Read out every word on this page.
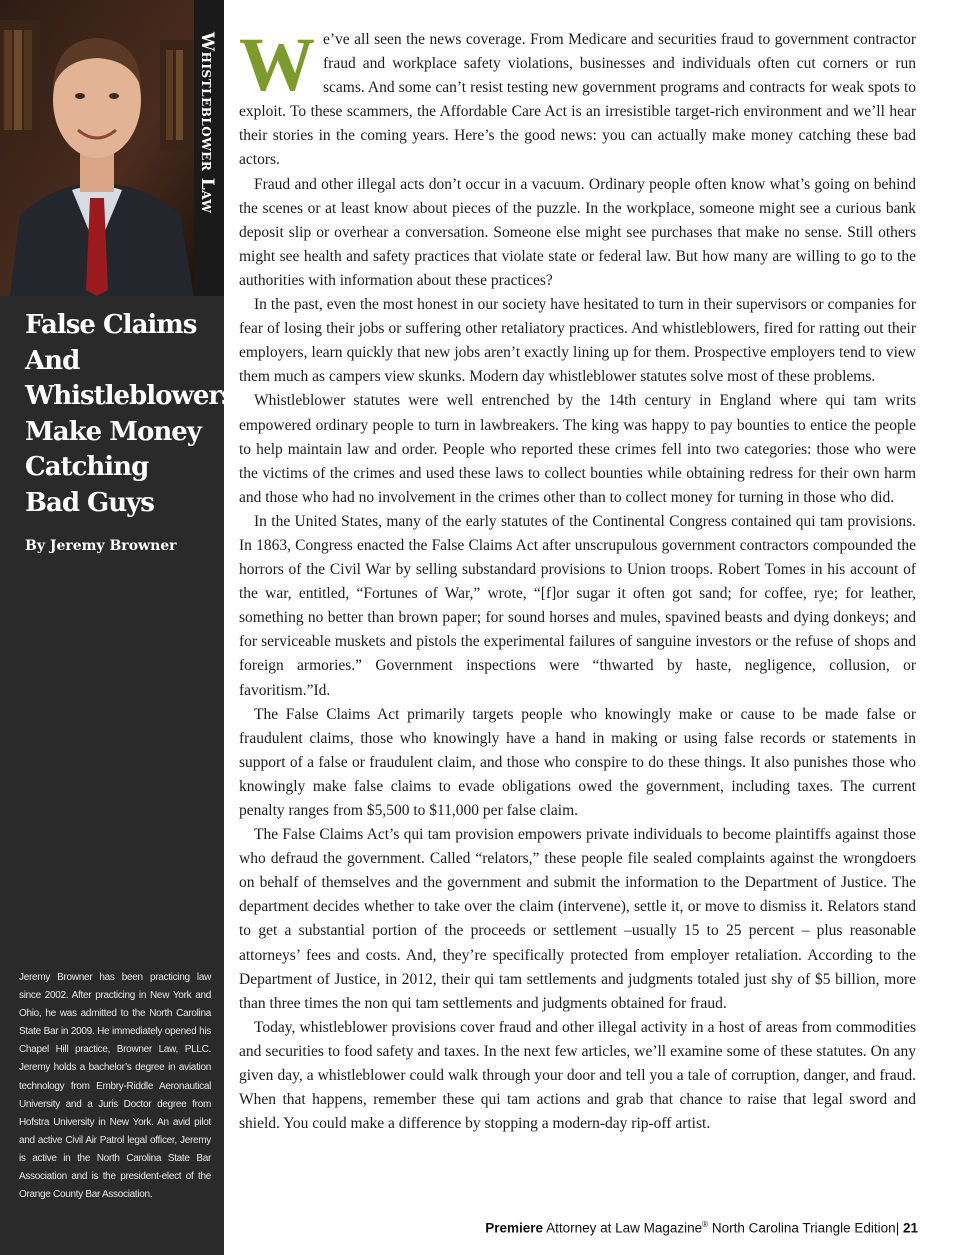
Whistleblower Law
False Claims
And
Whistleblowers:
Make Money
Catching
Bad Guys
By Jeremy Browner
Jeremy Browner has been practicing law since 2002. After practicing in New York and Ohio, he was admitted to the North Carolina State Bar in 2009. He immediately opened his Chapel Hill practice, Browner Law, PLLC. Jeremy holds a bachelor’s degree in aviation technology from Embry-Riddle Aeronautical University and a Juris Doctor degree from Hofstra University in New York. An avid pilot and active Civil Air Patrol legal officer, Jeremy is active in the North Carolina State Bar Association and is the president-elect of the Orange County Bar Association.

We’ve all seen the news coverage. From Medicare and securities fraud to government contractor fraud and workplace safety violations, businesses and individuals often cut corners or run scams. And some can’t resist testing new government programs and contracts for weak spots to exploit. To these scammers, the Affordable Care Act is an irresistible target-rich environment and we’ll hear their stories in the coming years. Here’s the good news: you can actually make money catching these bad actors.

Fraud and other illegal acts don’t occur in a vacuum. Ordinary people often know what’s going on behind the scenes or at least know about pieces of the puzzle. In the workplace, someone might see a curious bank deposit slip or overhear a conversation. Someone else might see purchases that make no sense. Still others might see health and safety practices that violate state or federal law. But how many are willing to go to the authorities with information about these practices?

In the past, even the most honest in our society have hesitated to turn in their supervisors or companies for fear of losing their jobs or suffering other retaliatory practices. And whistleblowers, fired for ratting out their employers, learn quickly that new jobs aren’t exactly lining up for them. Prospective employers tend to view them much as campers view skunks. Modern day whistleblower statutes solve most of these problems.

Whistleblower statutes were well entrenched by the 14th century in England where qui tam writs empowered ordinary people to turn in lawbreakers. The king was happy to pay bounties to entice the people to help maintain law and order. People who reported these crimes fell into two categories: those who were the victims of the crimes and used these laws to collect bounties while obtaining redress for their own harm and those who had no involvement in the crimes other than to collect money for turning in those who did.

In the United States, many of the early statutes of the Continental Congress contained qui tam provisions. In 1863, Congress enacted the False Claims Act after unscrupulous government contractors compounded the horrors of the Civil War by selling substandard provisions to Union troops. Robert Tomes in his account of the war, entitled, “Fortunes of War,” wrote, “[f]or sugar it often got sand; for coffee, rye; for leather, something no better than brown paper; for sound horses and mules, spavined beasts and dying donkeys; and for serviceable muskets and pistols the experimental failures of sanguine investors or the refuse of shops and foreign armories.” Government inspections were “thwarted by haste, negligence, collusion, or favoritism.”Id.

The False Claims Act primarily targets people who knowingly make or cause to be made false or fraudulent claims, those who knowingly have a hand in making or using false records or statements in support of a false or fraudulent claim, and those who conspire to do these things. It also punishes those who knowingly make false claims to evade obligations owed the government, including taxes. The current penalty ranges from $5,500 to $11,000 per false claim.

The False Claims Act’s qui tam provision empowers private individuals to become plaintiffs against those who defraud the government. Called “relators,” these people file sealed complaints against the wrongdoers on behalf of themselves and the government and submit the information to the Department of Justice. The department decides whether to take over the claim (intervene), settle it, or move to dismiss it. Relators stand to get a substantial portion of the proceeds or settlement –usually 15 to 25 percent – plus reasonable attorneys’ fees and costs. And, they’re specifically protected from employer retaliation. According to the Department of Justice, in 2012, their qui tam settlements and judgments totaled just shy of $5 billion, more than three times the non qui tam settlements and judgments obtained for fraud.

Today, whistleblower provisions cover fraud and other illegal activity in a host of areas from commodities and securities to food safety and taxes. In the next few articles, we’ll examine some of these statutes. On any given day, a whistleblower could walk through your door and tell you a tale of corruption, danger, and fraud. When that happens, remember these qui tam actions and grab that chance to raise that legal sword and shield. You could make a difference by stopping a modern-day rip-off artist.

Premiere Attorney at Law Magazine® North Carolina Triangle Edition| 21
